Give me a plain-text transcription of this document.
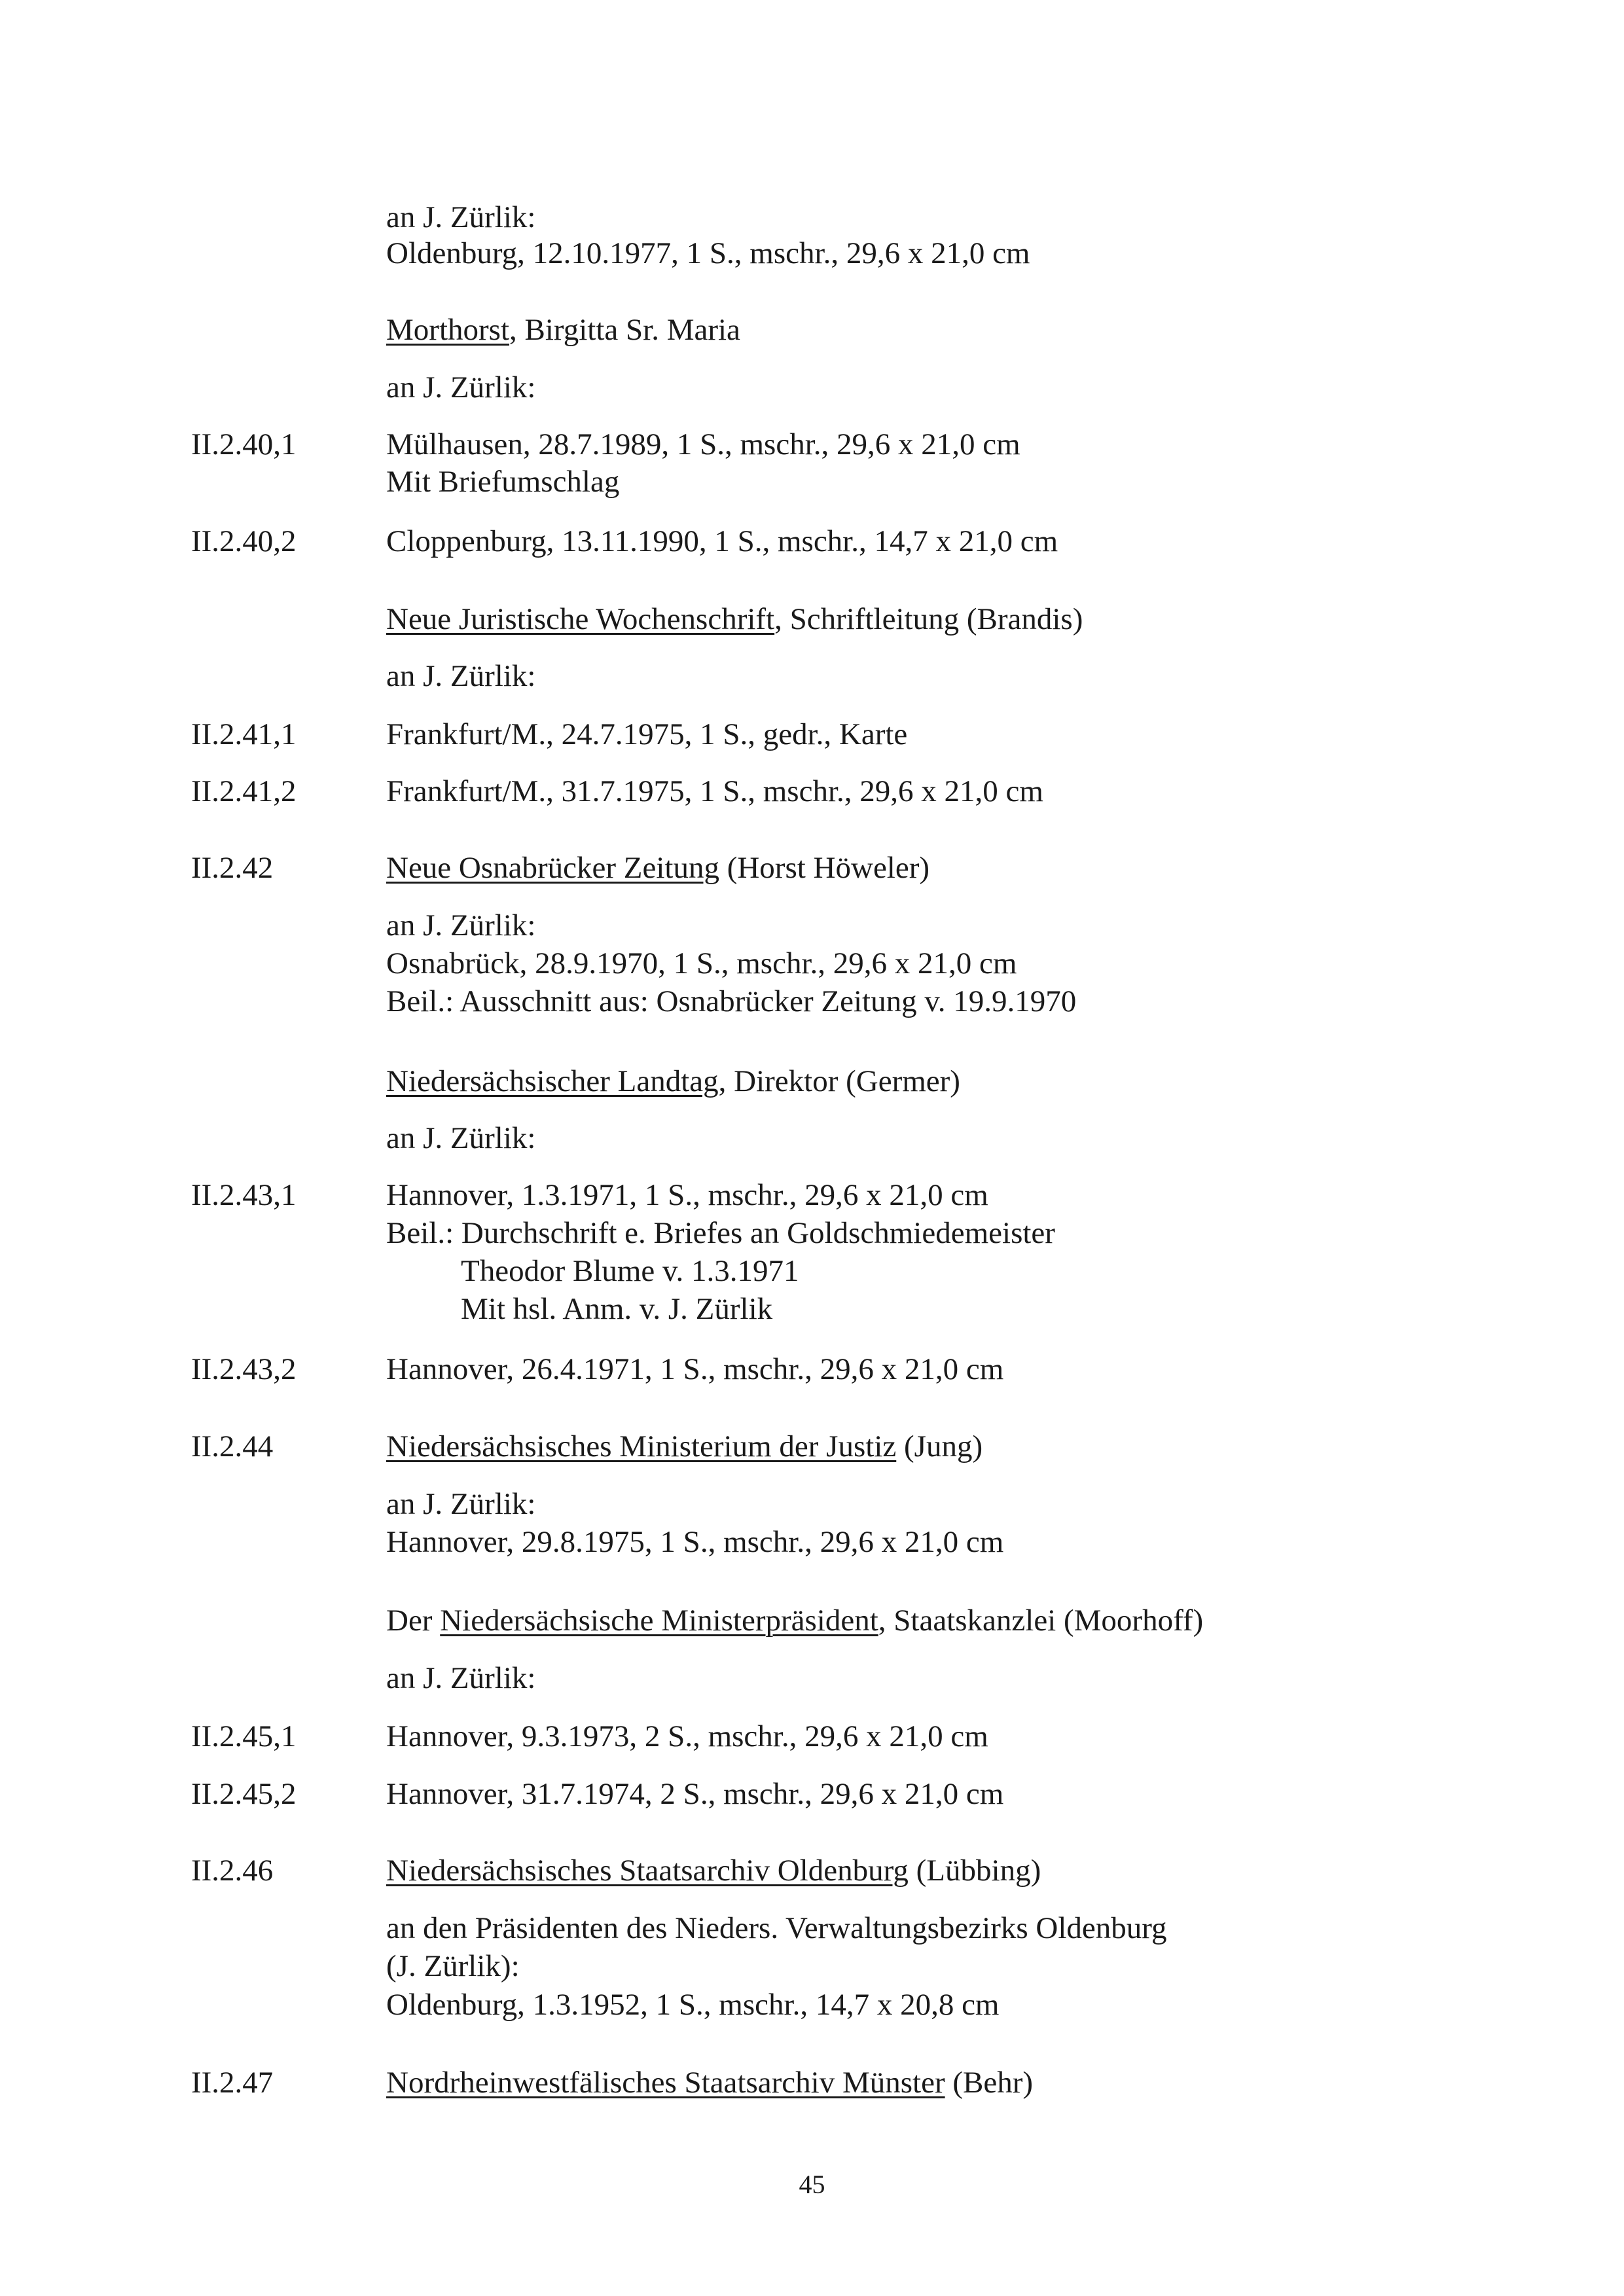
an J. Zürlik:
Oldenburg, 12.10.1977, 1 S., mschr., 29,6 x 21,0 cm
Morthorst, Birgitta Sr. Maria
an J. Zürlik:
II.2.40,1	Mülhausen, 28.7.1989, 1 S., mschr., 29,6 x 21,0 cm
Mit Briefumschlag
II.2.40,2	Cloppenburg, 13.11.1990, 1 S., mschr., 14,7 x 21,0 cm
Neue Juristische Wochenschrift, Schriftleitung (Brandis)
an J. Zürlik:
II.2.41,1	Frankfurt/M., 24.7.1975, 1 S., gedr., Karte
II.2.41,2	Frankfurt/M., 31.7.1975, 1 S., mschr., 29,6 x 21,0 cm
II.2.42	Neue Osnabrücker Zeitung (Horst Höweler)
an J. Zürlik:
Osnabrück, 28.9.1970, 1 S., mschr., 29,6 x 21,0 cm
Beil.: Ausschnitt aus: Osnabrücker Zeitung v. 19.9.1970
Niedersächsischer Landtag, Direktor (Germer)
an J. Zürlik:
II.2.43,1	Hannover, 1.3.1971, 1 S., mschr., 29,6 x 21,0 cm
Beil.: Durchschrift e. Briefes an Goldschmiedemeister
Theodor Blume v. 1.3.1971
Mit hsl. Anm. v. J. Zürlik
II.2.43,2	Hannover, 26.4.1971, 1 S., mschr., 29,6 x 21,0 cm
II.2.44	Niedersächsisches Ministerium der Justiz (Jung)
an J. Zürlik:
Hannover, 29.8.1975, 1 S., mschr., 29,6 x 21,0 cm
Der Niedersächsische Ministerpräsident, Staatskanzlei (Moorhoff)
an J. Zürlik:
II.2.45,1	Hannover, 9.3.1973, 2 S., mschr., 29,6 x 21,0 cm
II.2.45,2	Hannover, 31.7.1974, 2 S., mschr., 29,6 x 21,0 cm
II.2.46	Niedersächsisches Staatsarchiv Oldenburg (Lübbing)
an den Präsidenten des Nieders. Verwaltungsbezirks Oldenburg
(J. Zürlik):
Oldenburg, 1.3.1952, 1 S., mschr., 14,7 x 20,8 cm
II.2.47	Nordrheinwestfälisches Staatsarchiv Münster (Behr)
45
